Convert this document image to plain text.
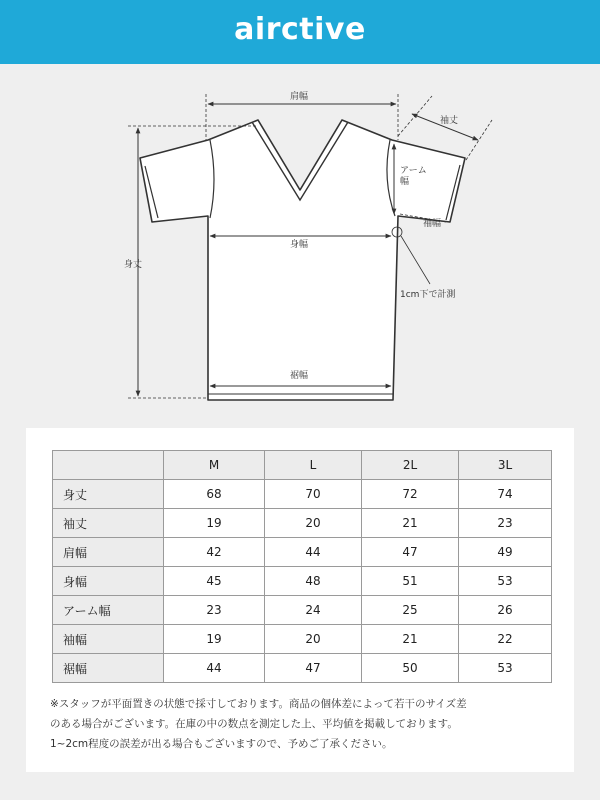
airctive
肩幅
袖丈
アーム
幅
袖幅
身丈
身幅
1cm下で計測
裾幅
	M	L	2L	3L
身丈	68	70	72	74
袖丈	19	20	21	23
肩幅	42	44	47	49
身幅	45	48	51	53
アーム幅	23	24	25	26
袖幅	19	20	21	22
裾幅	44	47	50	53
※スタッフが平面置きの状態で採寸しております。商品の個体差によって若干のサイズ差
のある場合がございます。在庫の中の数点を測定した上、平均値を掲載しております。
1~2cm程度の誤差が出る場合もございますので、予めご了承ください。
